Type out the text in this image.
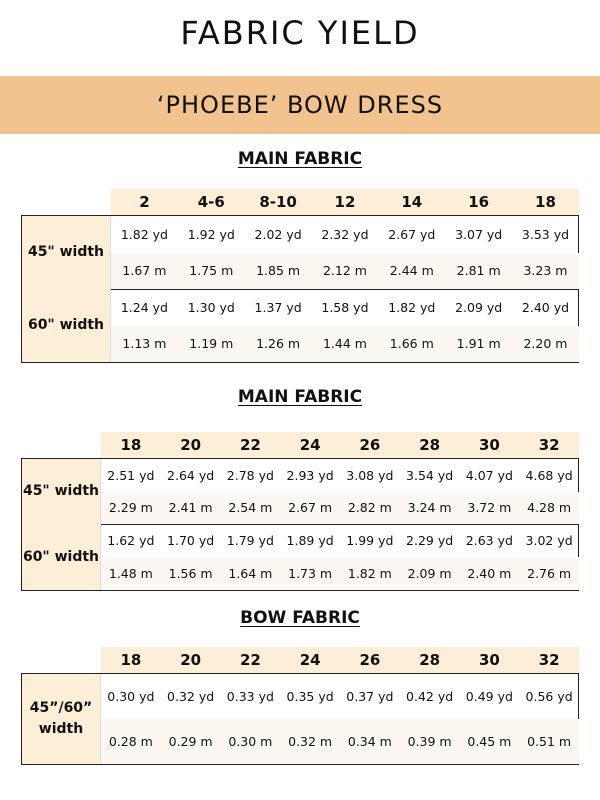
FABRIC YIELD
‘PHOEBE’ BOW DRESS
MAIN FABRIC
2	4-6	8-10	12	14	16	18
45" width
1.82 yd	1.92 yd	2.02 yd	2.32 yd	2.67 yd	3.07 yd	3.53 yd
1.67 m	1.75 m	1.85 m	2.12 m	2.44 m	2.81 m	3.23 m
60" width
1.24 yd	1.30 yd	1.37 yd	1.58 yd	1.82 yd	2.09 yd	2.40 yd
1.13 m	1.19 m	1.26 m	1.44 m	1.66 m	1.91 m	2.20 m
MAIN FABRIC
18	20	22	24	26	28	30	32
45" width
2.51 yd	2.64 yd	2.78 yd	2.93 yd	3.08 yd	3.54 yd	4.07 yd	4.68 yd
2.29 m	2.41 m	2.54 m	2.67 m	2.82 m	3.24 m	3.72 m	4.28 m
60" width
1.62 yd	1.70 yd	1.79 yd	1.89 yd	1.99 yd	2.29 yd	2.63 yd	3.02 yd
1.48 m	1.56 m	1.64 m	1.73 m	1.82 m	2.09 m	2.40 m	2.76 m
BOW FABRIC
18	20	22	24	26	28	30	32
45”/60” width
0.30 yd	0.32 yd	0.33 yd	0.35 yd	0.37 yd	0.42 yd	0.49 yd	0.56 yd
0.28 m	0.29 m	0.30 m	0.32 m	0.34 m	0.39 m	0.45 m	0.51 m
